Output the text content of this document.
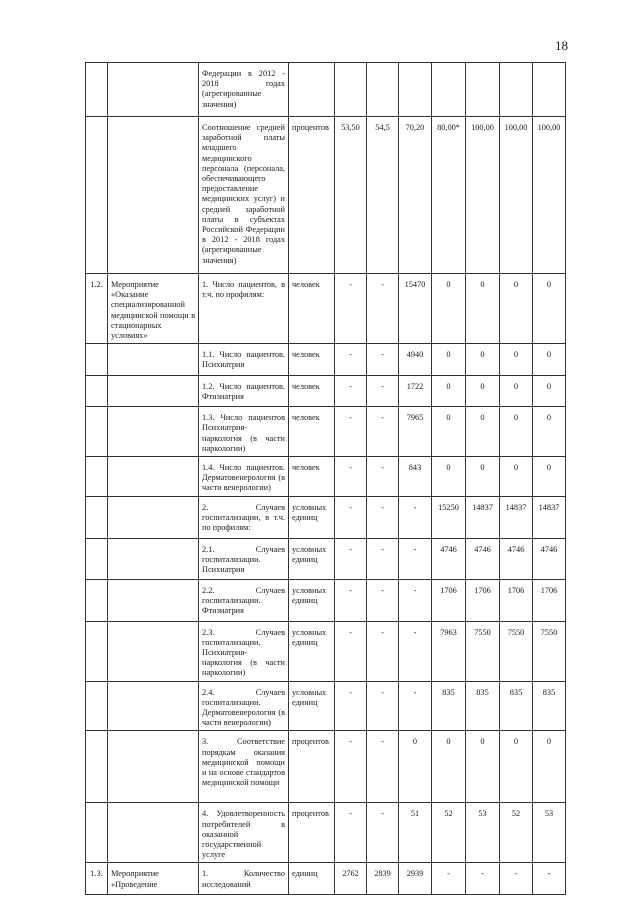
18
		Федерации в 2012 - 2018 годах (агрегированные значения)								
		Соотношение средней заработной платы младшего медицинского персонала (персонала, обеспечивающего предоставление медицинских услуг) и средней заработной платы в субъектах Российской Федерации в 2012 - 2018 годах (агрегированные значения)	процентов	53,50	54,5	70,20	80,00*	100,00	100,00	100,00
1.2.	Мероприятие «Оказание специализированной медицинской помощи в стационарных условиях»	1. Число пациентов, в т.ч. по профилям:	человек	-	-	15470	0	0	0	0
		1.1. Число пациентов. Психиатрия	человек	-	-	4940	0	0	0	0
		1.2. Число пациентов. Фтизиатрия	человек	-	-	1722	0	0	0	0
		1.3. Число пациентов Психиатрия-наркология (в части наркологии)	человек	-	-	7965	0	0	0	0
		1.4. Число пациентов. Дерматовенерология (в части венерологии)	человек	-	-	843	0	0	0	0
		2. Случаев госпитализации, в т.ч. по профилям:	условных единиц	-	-	-	15250	14837	14837	14837
		2.1. Случаев госпитализации. Психиатрия	условных единиц	-	-	-	4746	4746	4746	4746
		2.2. Случаев госпитализации. Фтизиатрия	условных единиц	-	-	-	1706	1706	1706	1706
		2.3. Случаев госпитализации. Психиатрия-наркология (в части наркологии)	условных единиц	-	-	-	7963	7550	7550	7550
		2.4. Случаев госпитализации. Дерматовенерология (в части венерологии)	условных единиц	-	-	-	835	835	835	835
		3. Соответствие порядкам оказания медицинской помощи и на основе стандартов медицинской помощи	процентов	-	-	0	0	0	0	0
		4. Удовлетворенность потребителей в оказанной государственной услуге	процентов	-	-	51	52	53	52	53
1.3.	Мероприятие «Проведение	1. Количество исследований	единиц	2762	2839	2939	-	-	-	-
